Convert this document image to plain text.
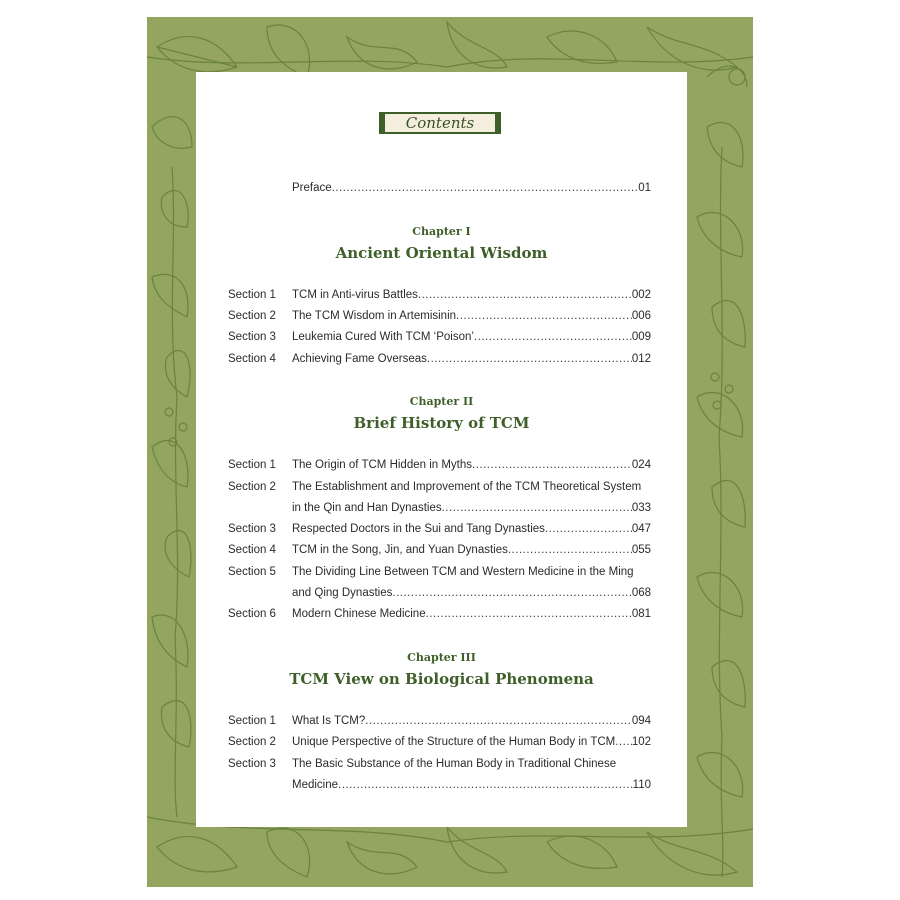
Contents
Preface .....	01
Chapter I
Ancient Oriental Wisdom
Section 1	TCM in Anti-virus Battles .....	002
Section 2	The TCM Wisdom in Artemisinin .....	006
Section 3	Leukemia Cured With TCM ‘Poison’ .....	009
Section 4	Achieving Fame Overseas .....	012
Chapter II
Brief History of TCM
Section 1	The Origin of TCM Hidden in Myths .....	024
Section 2	The Establishment and Improvement of the TCM Theoretical System
in the Qin and Han Dynasties .....	033
Section 3	Respected Doctors in the Sui and Tang Dynasties .....	047
Section 4	TCM in the Song, Jin, and Yuan Dynasties .....	055
Section 5	The Dividing Line Between TCM and Western Medicine in the Ming
and Qing Dynasties .....	068
Section 6	Modern Chinese Medicine .....	081
Chapter III
TCM View on Biological Phenomena
Section 1	What Is TCM? .....	094
Section 2	Unique Perspective of the Structure of the Human Body in TCM ..... 102
Section 3	The Basic Substance of the Human Body in Traditional Chinese
Medicine .....	110
